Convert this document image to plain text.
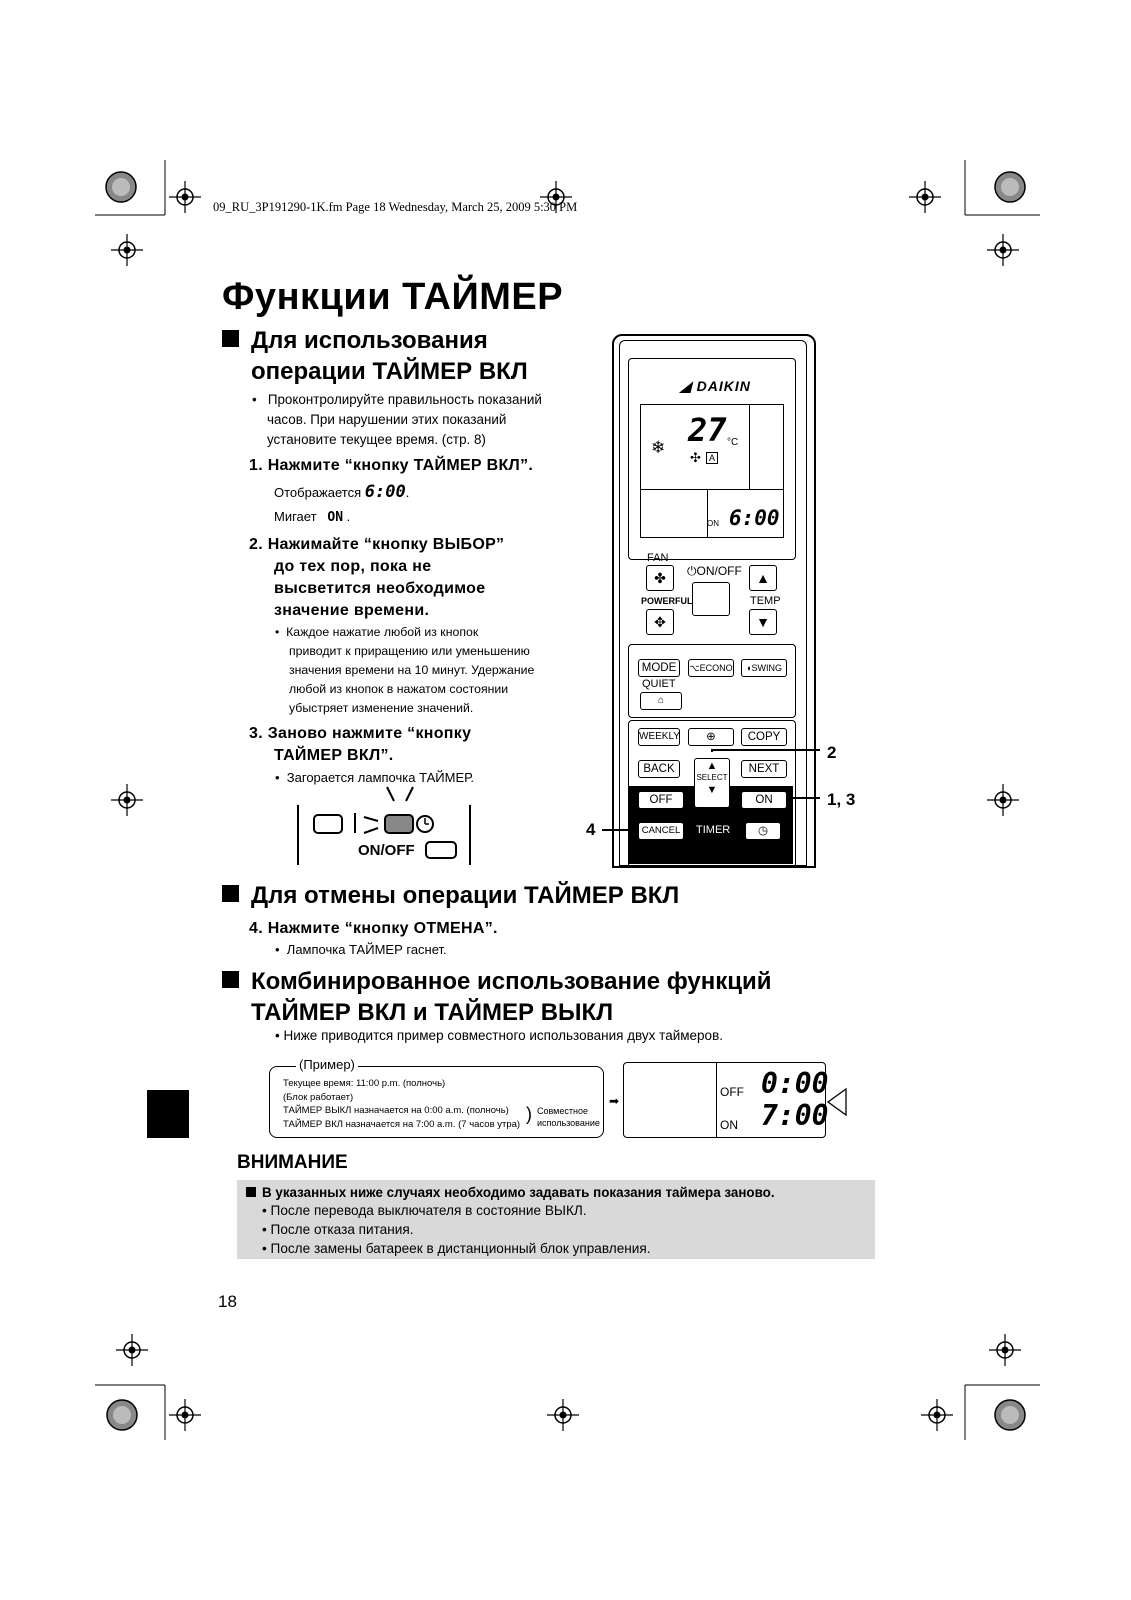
09_RU_3P191290-1K.fm Page 18 Wednesday, March 25, 2009 5:30 PM
Функции ТАЙМЕР
Для использования
операции ТАЙМЕР ВКЛ
•   Проконтролируйте правильность показаний
часов. При нарушении этих показаний
установите текущее время. (стр. 8)
1. Нажмите “кнопку ТАЙМЕР ВКЛ”.
Отображается 6:00.
Мигает ON .
2. Нажимайте “кнопку ВЫБОР”
до тех пор, пока не
высветится необходимое
значение времени.
•  Каждое нажатие любой из кнопок
приводит к приращению или уменьшению
значения времени на 10 минут. Удержание
любой из кнопок в нажатом состоянии
убыстряет изменение значений.
3. Заново нажмите “кнопку
ТАЙМЕР ВКЛ”.
•  Загорается лампочка ТАЙМЕР.
ON/OFF
◢ DAIKIN
❄ 27 °C
✣ A
ON 6:00
FAN
✤	⏻ON/OFF	▲
POWERFUL	TEMP
✥	▼
MODE	⌥ECONO	◖SWING
QUIET
⌂
WEEKLY	⊕	COPY
BACK	NEXT
▲
SELECT
▼
OFF	ON
CANCEL	TIMER	◷
▭▼
2
1, 3
4
Для отмены операции ТАЙМЕР ВКЛ
4. Нажмите “кнопку ОТМЕНА”.
•  Лампочка ТАЙМЕР гаснет.
Комбинированное использование функций
ТАЙМЕР ВКЛ и ТАЙМЕР ВЫКЛ
• Ниже приводится пример совместного использования двух таймеров.
(Пример)
Текущее время: 11:00 p.m. (полночь)
(Блок работает)
ТАЙМЕР ВЫКЛ назначается на 0:00 a.m. (полночь)
ТАЙМЕР ВКЛ назначается на 7:00 a.m. (7 часов утра) ) Совместное
использование
➡
OFF 0:00
ON 7:00
ВНИМАНИЕ
В указанных ниже случаях необходимо задавать показания таймера заново.
• После перевода выключателя в состояние ВЫКЛ.
• После отказа питания.
• После замены батареек в дистанционный блок управления.
18
